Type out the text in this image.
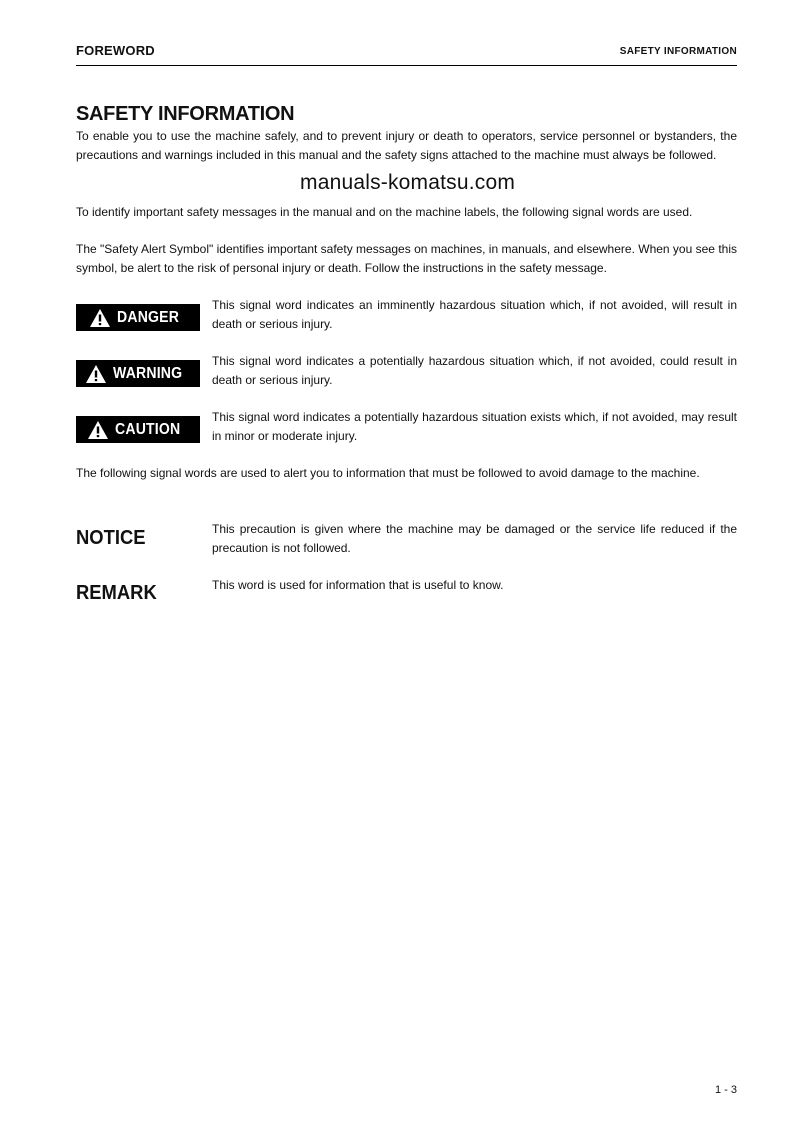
FOREWORD	SAFETY INFORMATION
SAFETY INFORMATION
To enable you to use the machine safely, and to prevent injury or death to operators, service personnel or bystanders, the precautions and warnings included in this manual and the safety signs attached to the machine must always be followed.
manuals-komatsu.com
To identify important safety messages in the manual and on the machine labels, the following signal words are used.
The "Safety Alert Symbol" identifies important safety messages on machines, in manuals, and elsewhere. When you see this symbol, be alert to the risk of personal injury or death. Follow the instructions in the safety message.
DANGER
This signal word indicates an imminently hazardous situation which, if not avoided, will result in death or serious injury.
WARNING
This signal word indicates a potentially hazardous situation which, if not avoided, could result in death or serious injury.
CAUTION
This signal word indicates a potentially hazardous situation exists which, if not avoided, may result in minor or moderate injury.
The following signal words are used to alert you to information that must be followed to avoid damage to the machine.
NOTICE	This precaution is given where the machine may be damaged or the service life reduced if the precaution is not followed.
REMARK	This word is used for information that is useful to know.
1 - 3
